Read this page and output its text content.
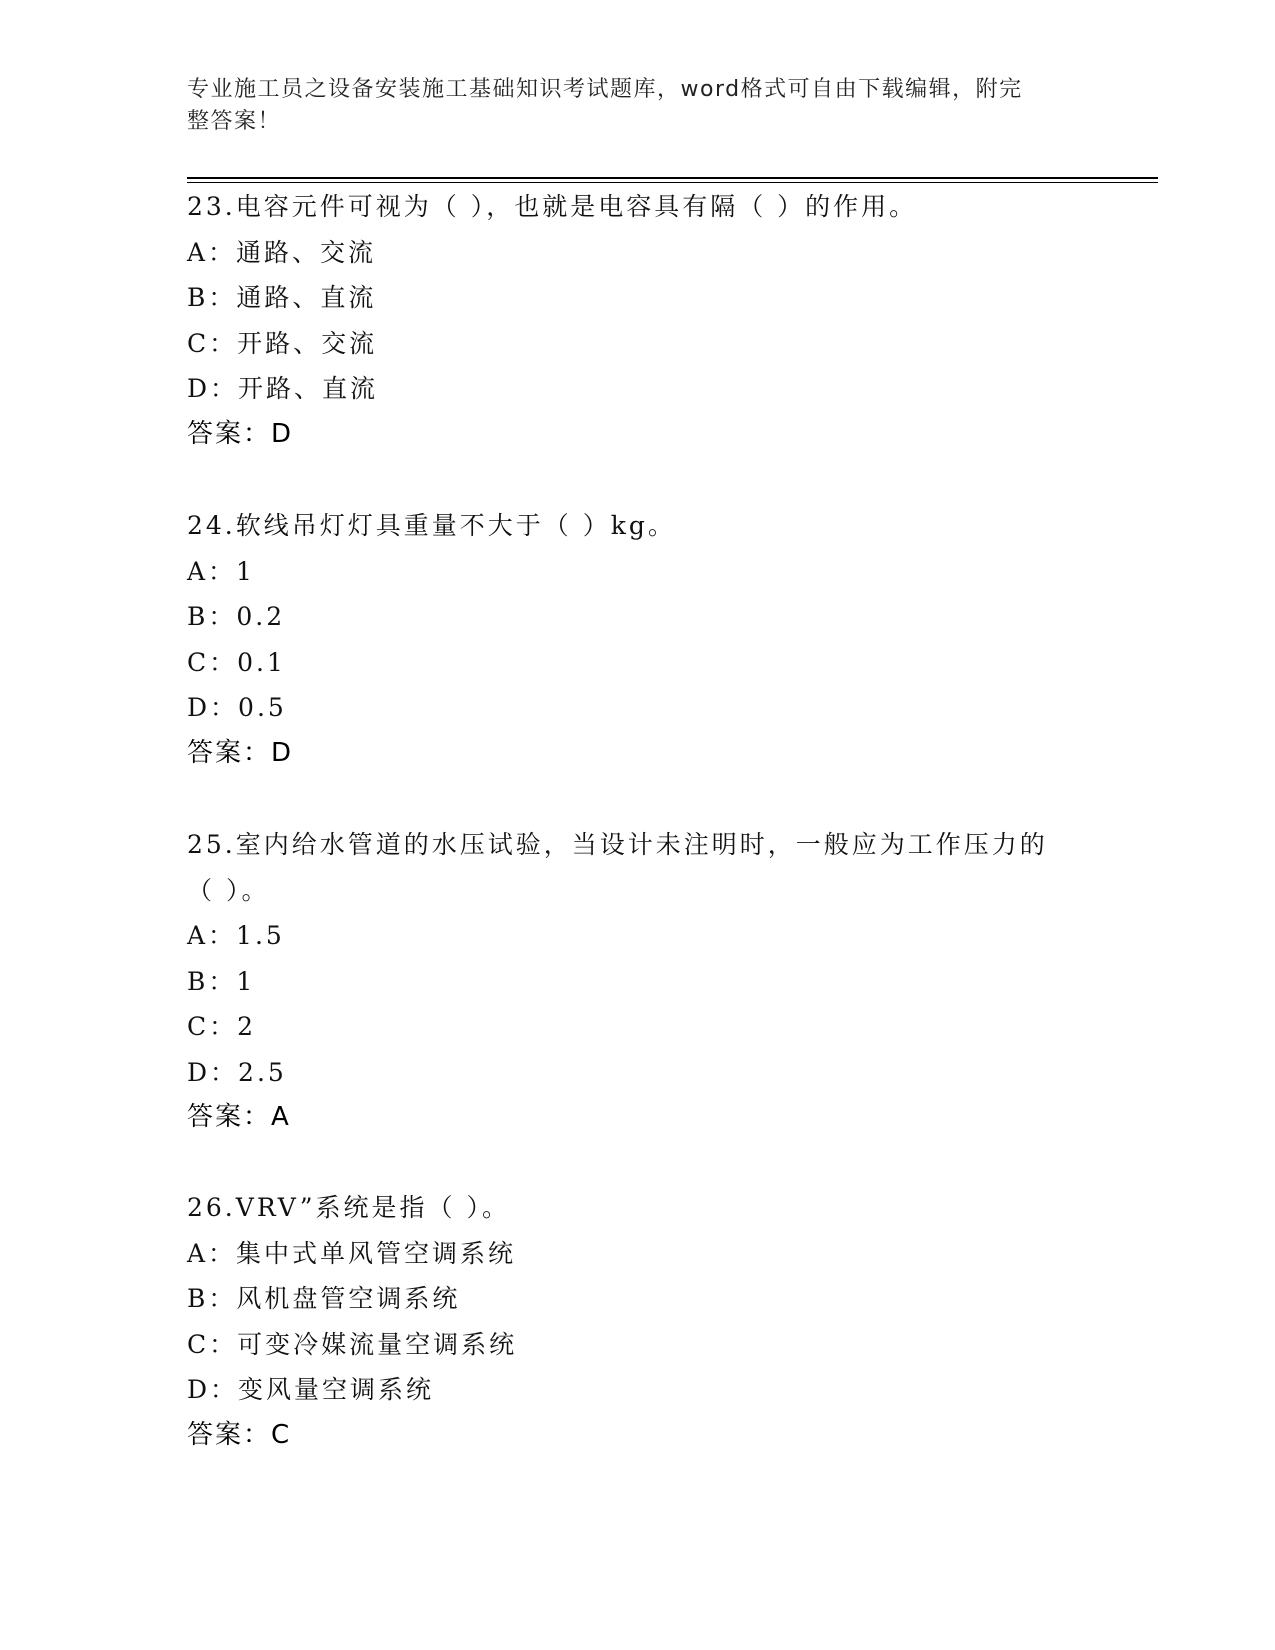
专业施工员之设备安装施工基础知识考试题库，word格式可自由下载编辑，附完
整答案！
23.电容元件可视为（ ），也就是电容具有隔（ ）的作用。
A：通路、交流
B：通路、直流
C：开路、交流
D：开路、直流
答案：D
24.软线吊灯灯具重量不大于（ ）kg。
A：1
B：0.2
C：0.1
D：0.5
答案：D
25.室内给水管道的水压试验，当设计未注明时，一般应为工作压力的
（ ）。
A：1.5
B：1
C：2
D：2.5
答案：A
26.VRV”系统是指（ ）。
A：集中式单风管空调系统
B：风机盘管空调系统
C：可变冷媒流量空调系统
D：变风量空调系统
答案：C
